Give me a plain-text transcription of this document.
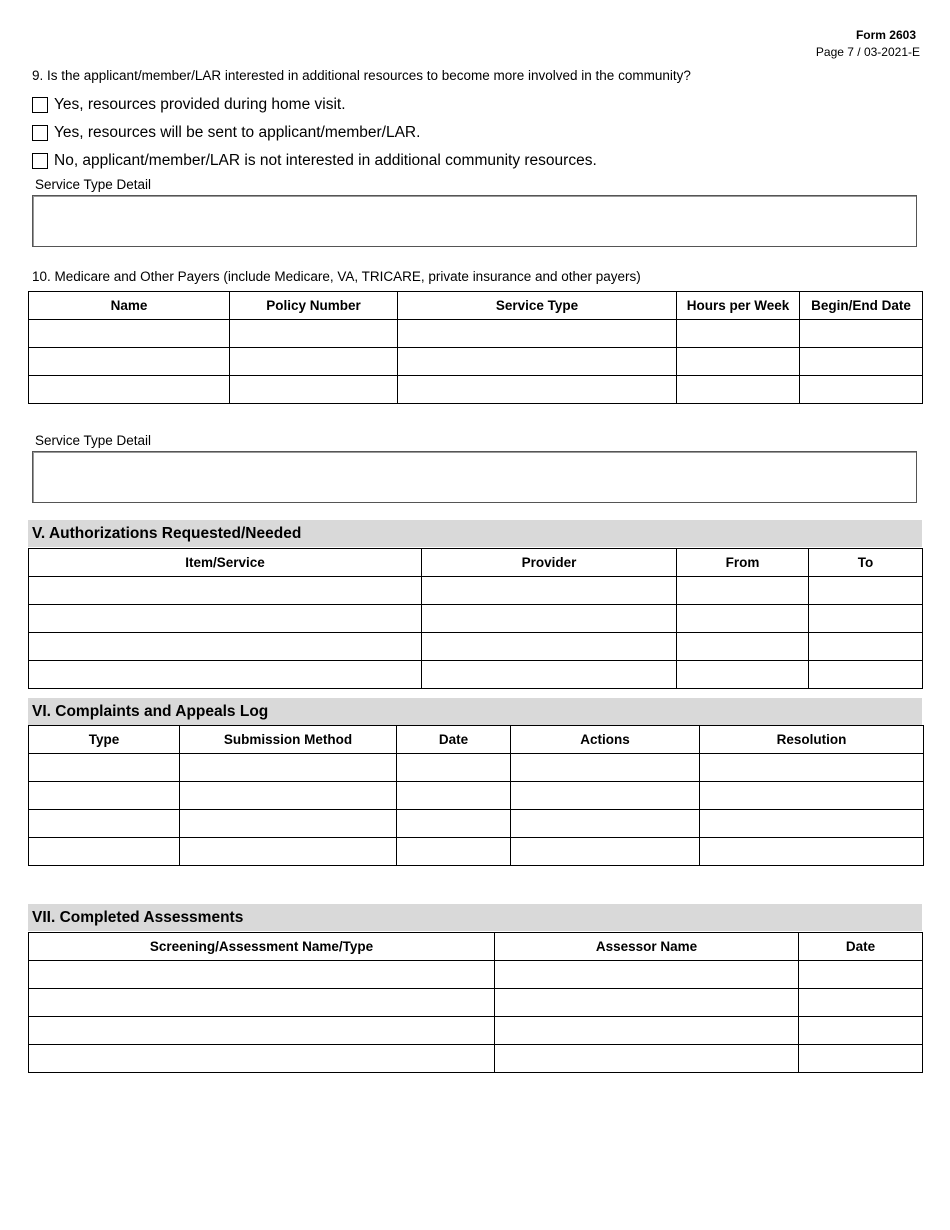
Form 2603
Page 7 / 03-2021-E
9. Is the applicant/member/LAR interested in additional resources to become more involved in the community?
Yes, resources provided during home visit.
Yes, resources will be sent to applicant/member/LAR.
No, applicant/member/LAR is not interested in additional community resources.
Service Type Detail
10. Medicare and Other Payers (include Medicare, VA, TRICARE, private insurance and other payers)
Name	Policy Number	Service Type	Hours per Week	Begin/End Date

Service Type Detail
V. Authorizations Requested/Needed
Item/Service	Provider	From	To

VI. Complaints and Appeals Log
Type	Submission Method	Date	Actions	Resolution

VII. Completed Assessments
Screening/Assessment Name/Type	Assessor Name	Date
